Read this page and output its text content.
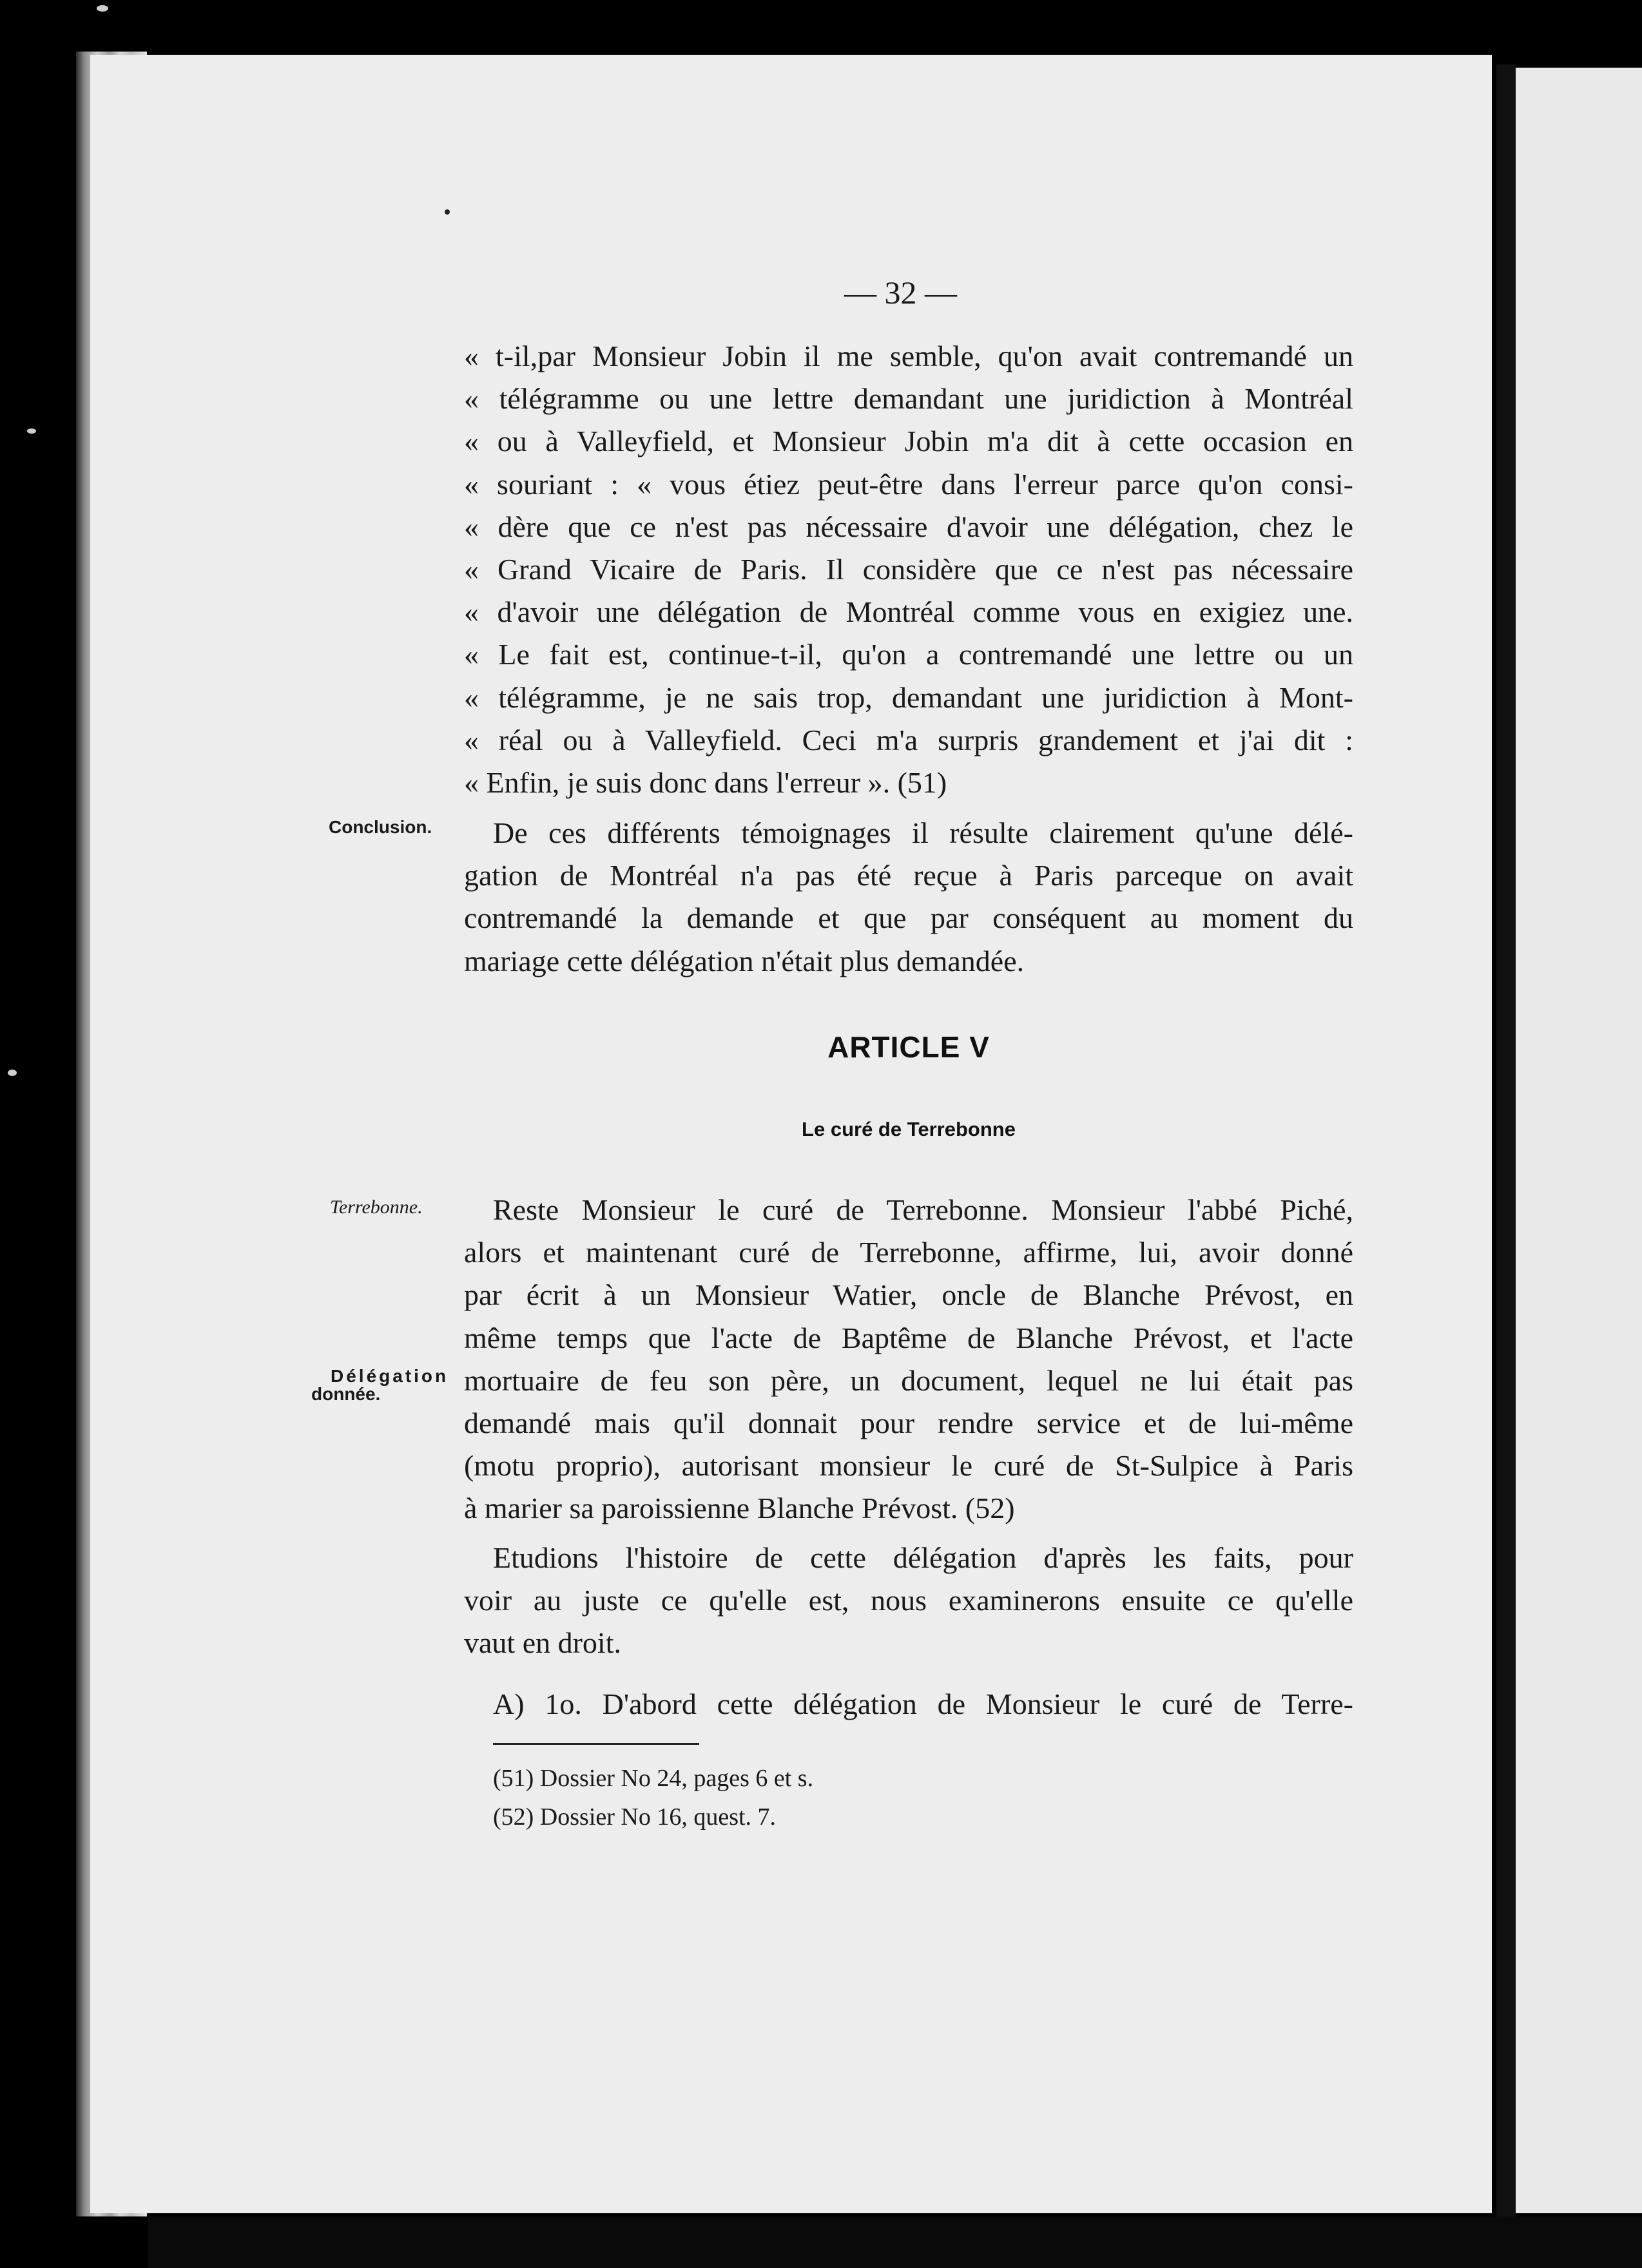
— 32 —
« t-il,par Monsieur Jobin il me semble, qu'on avait contremandé un
« télégramme ou une lettre demandant une juridiction à Montréal
« ou à Valleyfield, et Monsieur Jobin m'a dit à cette occasion en
« souriant : « vous étiez peut-être dans l'erreur parce qu'on consi-
« dère que ce n'est pas nécessaire d'avoir une délégation, chez le
« Grand Vicaire de Paris. Il considère que ce n'est pas nécessaire
« d'avoir une délégation de Montréal comme vous en exigiez une.
« Le fait est, continue-t-il, qu'on a contremandé une lettre ou un
« télégramme, je ne sais trop, demandant une juridiction à Mont-
« réal ou à Valleyfield. Ceci m'a surpris grandement et j'ai dit :
« Enfin, je suis donc dans l'erreur ». (51)
Conclusion.	De ces différents témoignages il résulte clairement qu'une délé-
gation de Montréal n'a pas été reçue à Paris parceque on avait
contremandé la demande et que par conséquent au moment du
mariage cette délégation n'était plus demandée.
ARTICLE V
Le curé de Terrebonne
Terrebonne.
Délégation
donnée.
Reste Monsieur le curé de Terrebonne. Monsieur l'abbé Piché,
alors et maintenant curé de Terrebonne, affirme, lui, avoir donné
par écrit à un Monsieur Watier, oncle de Blanche Prévost, en
même temps que l'acte de Baptême de Blanche Prévost, et l'acte
mortuaire de feu son père, un document, lequel ne lui était pas
demandé mais qu'il donnait pour rendre service et de lui-même
(motu proprio), autorisant monsieur le curé de St-Sulpice à Paris
à marier sa paroissienne Blanche Prévost. (52)
Etudions l'histoire de cette délégation d'après les faits, pour
voir au juste ce qu'elle est, nous examinerons ensuite ce qu'elle
vaut en droit.
A) 1o. D'abord cette délégation de Monsieur le curé de Terre-
(51) Dossier No 24, pages 6 et s.
(52) Dossier No 16, quest. 7.
